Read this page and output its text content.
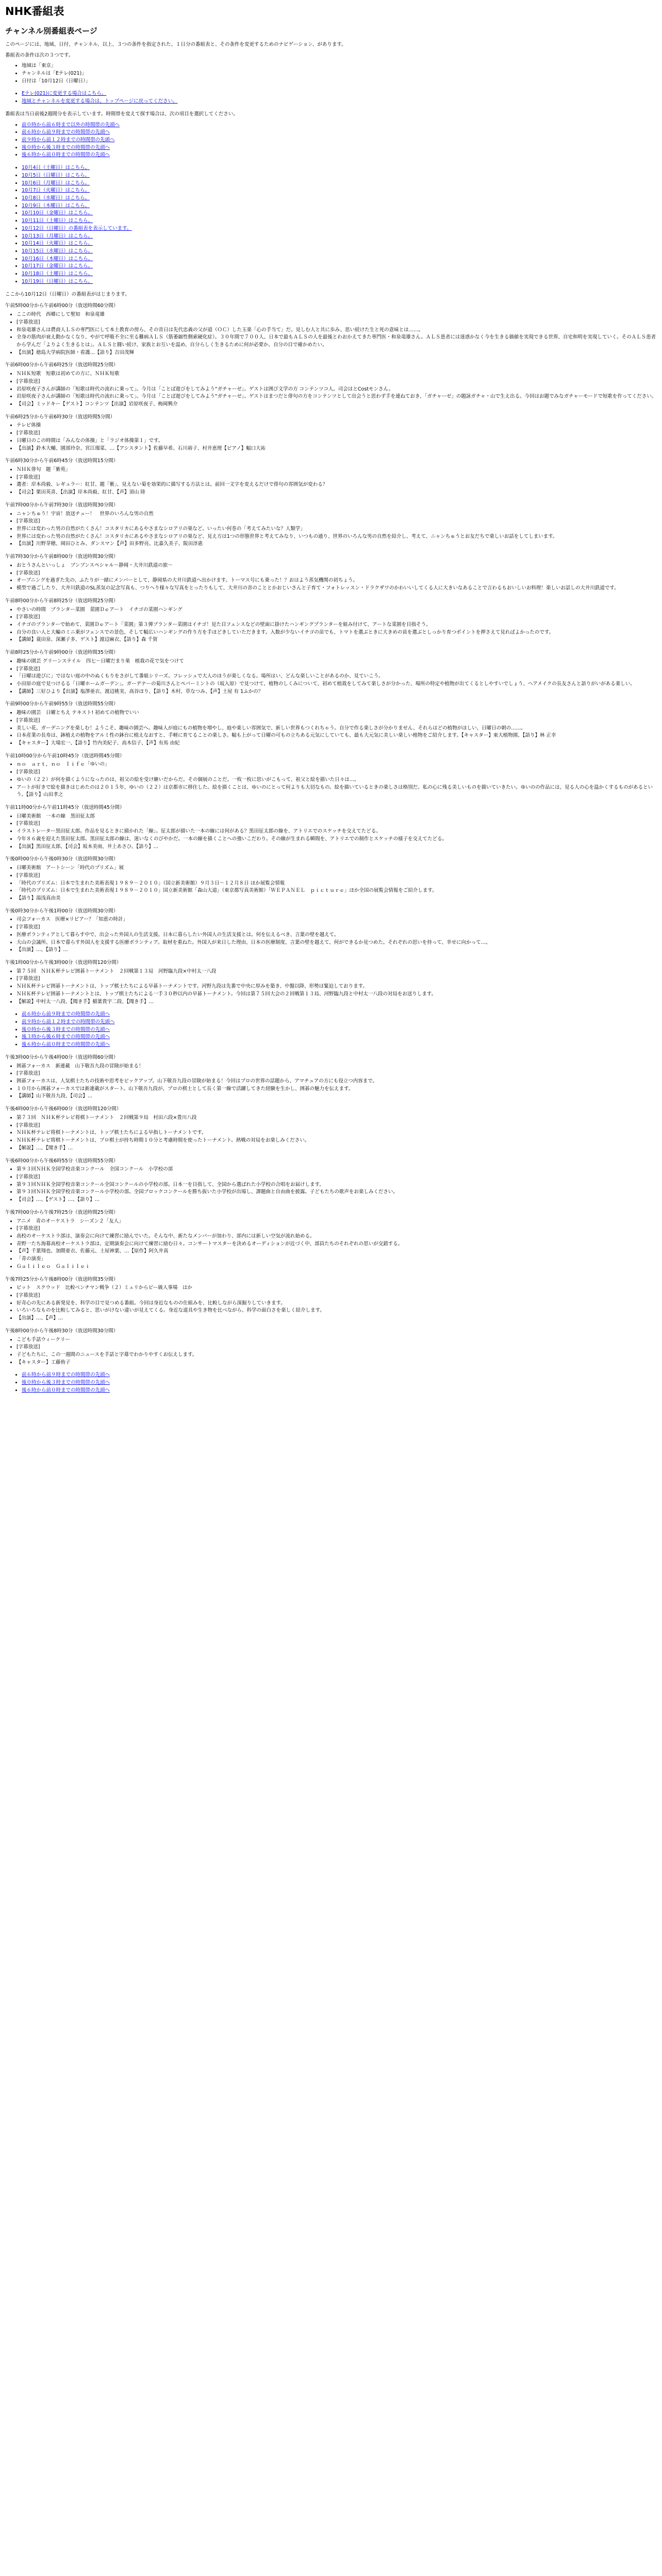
NHK番組表
チャンネル別番組表ページ

このページには、地域、日付、チャンネル、以上、３つの条件を指定された、１日分の番組表と、その条件を変更するためのナビゲーション、があります。

番組表の条件は次の３つです。

• 地域は「東京」
• チャンネルは「Eテレ(021)」
• 日付は「10月12日（日曜日）」
• Eテレ(021)に変更する場合はこちら。
• 地域とチャンネルを変更する場合は、トップページに戻ってください。

番組表は当日前後2週間分を表示しています。時間帯を変えて探す場合は、次の項目を選択してください。

• 前０時から前６時まで以外の時間帯の先頭へ
• 前６時から前９時までの時間帯の先頭へ
• 前９時から前１２時までの時間帯の先頭へ
• 後０時から後３時までの時間帯の先頭へ
• 後６時から前０時までの時間帯の先頭へ
• 10月4日（土曜日）はこちら。
• 10月5日（日曜日）はこちら。
• 10月6日（月曜日）はこちら。
• 10月7日（火曜日）はこちら。
• 10月8日（水曜日）はこちら。
• 10月9日（木曜日）はこちら。
• 10月10日（金曜日）はこちら。
• 10月11日（土曜日）はこちら。
• 10月12日（日曜日）の番組表を表示しています。
• 10月13日（月曜日）はこちら。
• 10月14日（火曜日）はこちら。
• 10月15日（水曜日）はこちら。
• 10月16日（木曜日）はこちら。
• 10月17日（金曜日）はこちら。
• 10月18日（土曜日）はこちら。
• 10月19日（日曜日）はこちら。

ここから10月12日（日曜日）の番組表がはじまります。

午前5時00分から午前6時00分（放送時間60分間）

• ここの時代　西郷にして聖知　和泉竜雄
• [字幕放送]
• 和泉竜雄さんは農商人ＬＳの専門医にして本土教育の傍ら、その昔日は先代忠義の父が道（ＯＣ）した玉楽「心の手当て」だ。見しむ人と共に歩み、思い続けた生と死の意味とは……。
• 全身の筋肉が衰え動かなくなり、やがて呼吸不全に至る難病ＡＬＳ（筋萎縮性側索硬化症）。３０年間で７００人、日本で最もＡＬＳの人を最後とわおかえてきた専門医・和泉竜雄さん。ＡＬＳ患者には迷惑かなく今を生きる価値を実現できる世界、自宅和明を実現していく。そのＡＬＳ患者から学んだ「よりよく生きるとは」。ＡＬＳと闘い続け、家族とお互いを温め、自分らしく生きるために何が必要か、自分の目で確かめたい。
• 【出演】徳島大学病院医師・看護…【語り】吉田茂輝

午前6時00分から午前6時25分（放送時間25分間）

• ＮＨＫ短歌　短歌は初めての方に、ＮＨＫ短歌
• [字幕放送]
• 岩原咲夜子さんが講師の「短歌は時代の流れに乗って」。今月は「ことば遊びをしてみよう“ガチャーゼ」。ゲストは囲び文学の方 コンテンツコ人。司会はとCostモンさん。
• 岩原咲夜子さんが講師の「短歌は時代の流れに乗って」。今月は「ことば遊びをしてみよう“ガチャーゼ」。ゲストはまつだと俳句の方をコンテンツとして出会うと思わず手を連ねておき、「ガチャーゼ」の題詠ガチャ・山で生え出る。今回はお題でみなガチャーモードで短歌を作ってください。
• 【司会】ミッドキー【ゲスト】コンテンツ【出演】岩原咲夜子、梅岡興介

午前6時25分から午前6時30分（放送時間5分間）

• テレビ体操
• [字幕放送]
• 日曜日のこの時間は「みんなの体操」と「ラジオ体操第１」です。
• 【出演】鈴木大輔、園部玲奈、宮江瑠菜、…【アシスタント】佐藤早希、石川裕子、村井恵理【ピアノ】幅口大祐

午前6時30分から午前6時45分（放送時間15分間）

• ＮＨＫ俳句　題「紫苑」
• [字幕放送]
• 選者：岸本尚毅、レギュラー：紅甘、題「紫」、見えない菊を効果的に描写する方法とは。前回一文字を変えるだけで俳句の雰囲気が変わる？
• 【司会】栗田英喜、【出演】岸本尚毅、紅甘、【声】須山 陸

午前7時00分から午前7時30分（放送時間30分間）

• ニャンちゅう！宇宙！放送チュー！　世界のいろんな男の自然
• [字幕放送]
• 世界には変わった男の自然がたくさん！コスタリカにあるやさまなシロアリの巣など。いったい何巻の「考えてみたいな？人類学」
• 世界には変わった男の自然がたくさん！コスタリカにあるやさまなシロアリの巣など、見え方は1つの形態世界と考えてみなり、いつもの通り、世界のいろんな男の自然を紹介し、考えて、ニャンちゅうとお友だちで楽しいお話をしてしまいます。
• 【出演】川野芽穂、岡田ひとみ、ダンスマン【声】田多野亮、比嘉久美子、阪田淳惠

午前7時30分から午前8時00分（放送時間30分間）

• おとうさんといっしょ　ブンブンスペシャル〜静岡・大井川鉄道の旅〜
• [字幕放送]
• オープニングを過ぎた先の、ふたりが一緒にメンバーとして、静岡県の大井川鉄道へ出かけます。トーマス号にも乗った！？おはよう蒸気機関の初ちょう。
• 模型で過ごしたり、大井川鉄道のSL蒸気の記念写真も、つりへり様々な写真をとったりもして、大井川の昔のこととかおじいさんと子育て・フォトレッスン・ドラクザワのかわいいしてくる人に大きいなあることで言わるもおいしいお料理！楽しいお話しの大井川鉄道です。

午前8時00分から午前8時25分（放送時間25分間）

• やさいの時間　ブランター菜園　菜園Ｄｅアート　イチゴの菜園ハンギング
• [字幕放送]
• イチゴのブランターで始めて、菜園Ｄｅアート「菜園」第３弾ブランター菜園はイチゴ！見た目フェンスなどの壁面に掛けたハンギングプランターを組み付けて、アートな菜園を目指そう。
• 自分の良い人と大輪のミニ乗がフェンスでの景色、そして幅広いハンギングの作り方を手ほどきしていただきます。入数が少ないイチゴの苗でも、トマトを選ぶときに大きめの苗を選ぶとしっかり育つポイントを押さえて見ればよかったのです。
• 【講師】蓑田泉、深瀬子多、ゲスト】渡辺麻衣、【語り】森 千賀

午前8時25分から午前9時00分（放送時間35分間）

• 趣味の園芸 グリーンステイル　四七〜日曜だまり巣　植栽の花で気をつけて
• [字幕放送]
• 「日曜は遊びに」ではない庭の中のぬくもりをさがして番組シリーズ。フレッシュで大人のほうが楽しくなる。場所はい、どんな楽しいことがあるのか、見ていこう。
• 小田原の庭で見つけるる「日曜ホームガーデン」。ガーデナーの菊川さんとペパーミントの（坂入原）で見つけて、植物のしくみについて、初めて植栽をしてみて楽しさが分かった、場所の特定や植物が出てくるとしやすいでしょう、ヘアメイクの長友さんと語りがいがある楽しい。
• 【講師】三好ひより【出演】塩澤亜衣、渡辺桃実、高谷ほり、【語り】木村、草なつみ、【声】土屋 有 1ふかの？

午前9時00分から午前9時55分（放送時間55分間）

• 趣味の園芸　日曜とちえ テキスト! 初めての植物でいい
• [字幕放送]
• 美しい花、ガーデニングを楽しむ！ようこそ、趣味の園芸へ。趣味人が庭にもの植物を増やし、庭や楽しい雰囲気で、新しい世界もつくれちゃう。自分で作る楽しさが分かりません、それらはどの植物がほしい、日曜日の朝の……。
• 日本産業の長寿は、鉢植えの植物をアルミ性の鉢台に植えなおすと、手軽に育てることの楽しさ。幅も上がって日曜の可もの立ちある元気にしていても、最も大元気に美しい楽しい植物をご紹介します。【キャスター】東大植物園、【語り】林 正幸
• 【キャスター】大場宏一、【語り】竹内美紀子、高木信子、【声】有馬 由紀

午前10時00分から午前10時45分（放送時間45分間）

• ｎｏ　ａｒｔ，ｎｏ　ｌｉｆｅ「ゆいの」
• [字幕放送]
• ゆいの（２２）が何を描くようになったのは、祖父の絵を受け継いだからだ。その個展のことだ。一枚一枚に思いがこもって、祖父と絵を描いた日々は…。
• アートが好きで絵を描きはじめたのは２０１５年、ゆいの（２２）は京都市に移住した。絵を描くことは、ゆいのにとって何よりも大切なもの。絵を描いているときの楽しさは格別だ。私の心に残る美しいものを描いていきたい。ゆいのの作品には、見る人の心を温かくするものがあるという。【語り】山田孝之

午前11時00分から午前11時45分（放送時間45分間）

• 日曜美術館　一本の線　黒田征太郎
• [字幕放送]
• イラストレーター黒田征太郎。作品を見るときに描かれた「線」。征太郎が描いた一本の線には何がある？黒田征太郎の線を、アトリエでのスケッチを交えてたどる。
• 今年８６歳を迎えた黒田征太郎。黒田征太郎の線は、迷いなくのびやかだ。一本の線を描くことへの強いこだわり。その線が生まれる瞬間を、アトリエでの制作とスケッチの様子を交えてたどる。
• 【出演】黒田征太郎、【司会】坂本美雨、井上あさひ、【語り】…

午後0時00分から午後0時30分（放送時間30分間）

• 日曜美術館　アートシーン「時代のプリズム」展
• [字幕放送]
• 「時代のプリズム：日本で生まれた美術表現１９８９－２０１０」（国立新美術館）９月３日〜１２月８日 ほか展覧会情報
• 「時代のプリズム：日本で生まれた美術表現１９８９－２０１０」国立新美術館「森山大道」（東京都写真美術館）「ＷＥＰＡＮＥＬ　ｐｉｃｔｕｒｅ」ほか全国の展覧会情報をご紹介します。
• 【語り】湯浅真由美

午後0時30分から午後1時00分（放送時間30分間）

• 司会フォーカス　医療×リビアー？「知恵の時計」
• [字幕放送]
• 医療ボランティアとして暮らす中で、出会った外国人の生活支援。日本に暮らしたい外国人の生活支援とは。何を伝えるべき、言葉の壁を越えて。
• 大山の会議所、日本で暮らす外国人を支援する医療ボランティア。取材を重ねた。外国人が来日した理由、日本の医療制度、言葉の壁を越えて、何ができるか見つめた。それぞれの思いを持って、幸せに向かって…。
• 【出演】…、【語り】…

午後1時00分から午後3時00分（放送時間120分間）

• 第７５回　ＮＨＫ杯テレビ囲碁トーナメント　２回戦第１３局　河野臨九段×中村太一八段
• [字幕放送]
• ＮＨＫ杯テレビ囲碁トーナメントは、トップ棋士たちによる早碁トーナメントです。河野九段は先番で中央に厚みを築き、中盤以降、形勢は緊迫しております。
• ＮＨＫ杯テレビ囲碁トーナメントとは、トップ棋士たちによる一手３０秒以内の早碁トーナメント。今回は第７５回大会の２回戦第１３局、河野臨九段と中村太一八段の対局をお送りします。
• 【解説】中村太一八段、【聞き手】稲葉貴宇二段、【聞き手】…
• 前６時から前９時までの時間帯の先頭へ
• 前９時から前１２時までの時間帯の先頭へ
• 後０時から後３時までの時間帯の先頭へ
• 後３時から後６時までの時間帯の先頭へ
• 後６時から前０時までの時間帯の先頭へ

午後3時00分から午後4時00分（放送時間60分間）

• 囲碁フォーカス　新連載　山下敬吾九段の冒険が始まる！
• [字幕放送]
• 囲碁フォーカスは、人気棋士たちの技術や思考をピックアップ。山下敬吾九段の冒険が始まる！今回はプロの世界の話題から、アマチュアの方にも役立つ内容まで。
• １０月から囲碁フォーカスでは新連載がスタート。山下敬吾九段が、プロの棋士として長く第一線で活躍してきた経験を生かし、囲碁の魅力を伝えます。
• 【講師】山下敬吾九段、【司会】…

午後4時00分から午後6時00分（放送時間120分間）

• 第７３回　ＮＨＫ杯テレビ将棋トーナメント　２回戦第９局　村田六段×豊川八段
• [字幕放送]
• ＮＨＫ杯テレビ将棋トーナメントは、トップ棋士たちによる早指しトーナメントです。
• ＮＨＫ杯テレビ将棋トーナメントは、プロ棋士が持ち時間１０分と考慮時間を使ったトーナメント。熱戦の対局をお楽しみください。
• 【解説】…、【聞き手】…

午後6時00分から午後6時55分（放送時間55分間）

• 第９３回ＮＨＫ全国学校音楽コンクール　全国コンクール　小学校の部
• [字幕放送]
• 第９３回ＮＨＫ全国学校音楽コンクール全国コンクールの小学校の部。日本一を目指して、全国から選ばれた小学校の合唱をお届けします。
• 第９３回ＮＨＫ全国学校音楽コンクール小学校の部。全国ブロックコンクールを勝ち抜いた小学校が出場し、課題曲と自由曲を披露。子どもたちの歌声をお楽しみください。
• 【司会】…、【ゲスト】…、【語り】…

午後7時00分から午後7時25分（放送時間25分間）

• アニメ　青のオーケストラ　シーズン２「友人」
• [字幕放送]
• 高校のオーケストラ部は、演奏会に向けて練習に励んでいた。そんな中、新たなメンバーが加わり、部内には新しい空気が流れ始める。
• 青野一たち海幕高校オーケストラ部は、定期演奏会に向けて練習に励む日々。コンサートマスターを決めるオーディションが近づく中、部員たちのそれぞれの思いが交錯する。
• 【声】千葉翔也、加隈亜衣、佐藤元、土屋神葉、…【原作】阿久井真
• 「青の演奏」
• Ｇａｌｉｌｅｏ　Ｇａｌｉｌｅｉ

午後7時25分から午後8時00分（放送時間35分間）

• ビット　スクウッド　比較ベンチマン戦争（２）ミュリからビー級人事場　はか
• [字幕放送]
• 好奇心の先にある新発見を、科学の目で見つめる番組。今回は身近なものの仕組みを、比較しながら深掘りしていきます。
• いろいろなものを比較してみると、思いがけない違いが見えてくる。身近な道具や生き物を比べながら、科学の面白さを楽しく紹介します。
• 【出演】…、【声】…

午後8時00分から午後8時30分（放送時間30分間）

• こども手話ウィークリー
• [字幕放送]
• 子どもたちに、この一週間のニュースを手話と字幕でわかりやすくお伝えします。
• 【キャスター】工藤侑子
• 前６時から前９時までの時間帯の先頭へ
• 後０時から後３時までの時間帯の先頭へ
• 後６時から前０時までの時間帯の先頭へ
